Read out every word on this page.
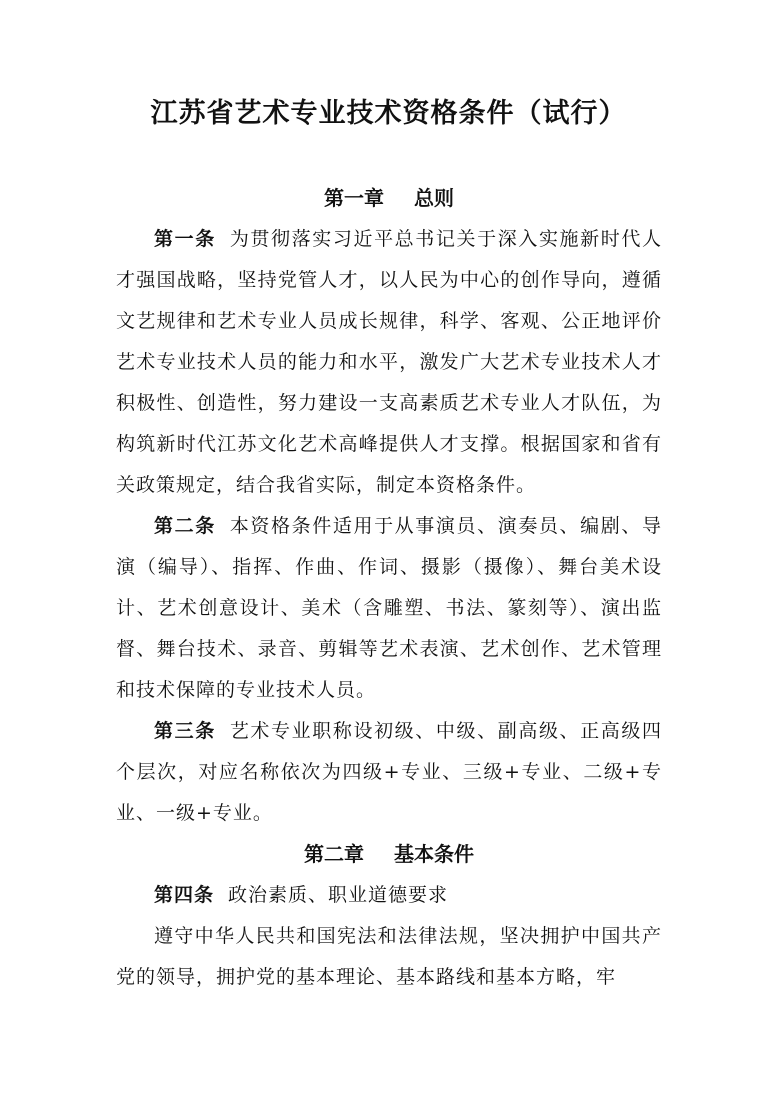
江苏省艺术专业技术资格条件（试行）
第一章 总则

第一条 为贯彻落实习近平总书记关于深入实施新时代人才强国战略，坚持党管人才，以人民为中心的创作导向，遵循文艺规律和艺术专业人员成长规律，科学、客观、公正地评价艺术专业技术人员的能力和水平，激发广大艺术专业技术人才积极性、创造性，努力建设一支高素质艺术专业人才队伍，为构筑新时代江苏文化艺术高峰提供人才支撑。根据国家和省有关政策规定，结合我省实际，制定本资格条件。

第二条 本资格条件适用于从事演员、演奏员、编剧、导演（编导）、指挥、作曲、作词、摄影（摄像）、舞台美术设计、艺术创意设计、美术（含雕塑、书法、篆刻等）、演出监督、舞台技术、录音、剪辑等艺术表演、艺术创作、艺术管理和技术保障的专业技术人员。

第三条 艺术专业职称设初级、中级、副高级、正高级四个层次，对应名称依次为四级+专业、三级+专业、二级+专业、一级+专业。

第二章 基本条件

第四条 政治素质、职业道德要求

遵守中华人民共和国宪法和法律法规，坚决拥护中国共产党的领导，拥护党的基本理论、基本路线和基本方略，牢
